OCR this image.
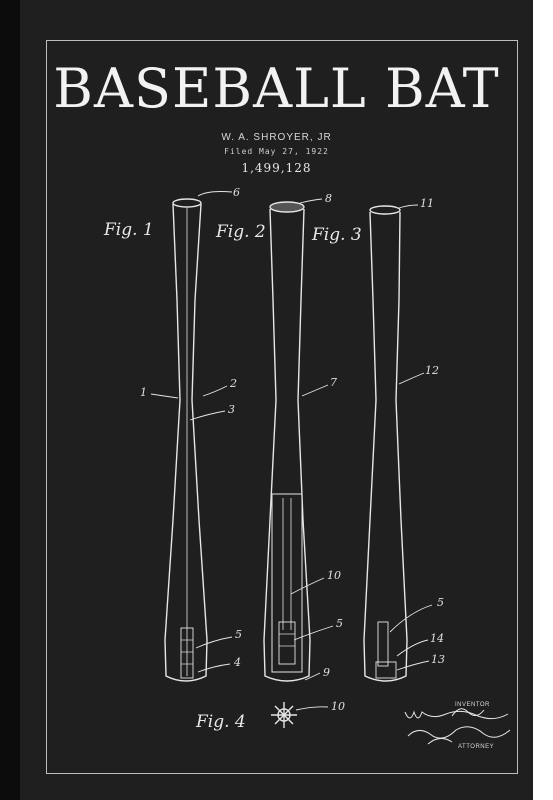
BASEBALL BAT
W. A. SHROYER, JR
Filed May 27, 1922
1,499,128
Fig. 1	Fig. 2	Fig. 3
Fig. 4
1
2
3
4
5
6
7
8
9
10
5
11
12
5
14
13
10	INVENTOR
ATTORNEY
